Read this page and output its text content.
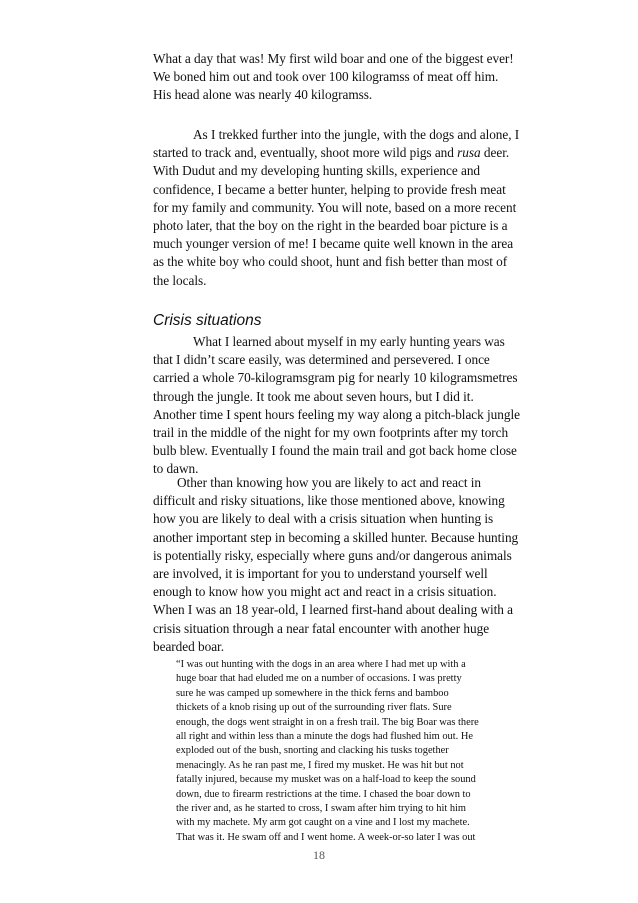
What a day that was! My first wild boar and one of the biggest ever!
We boned him out and took over 100 kilogramss of meat off him.
His head alone was nearly 40 kilogramss.
As I trekked further into the jungle, with the dogs and alone, I
started to track and, eventually, shoot more wild pigs and rusa deer.
With Dudut and my developing hunting skills, experience and
confidence, I became a better hunter, helping to provide fresh meat
for my family and community. You will note, based on a more recent
photo later, that the boy on the right in the bearded boar picture is a
much younger version of me! I became quite well known in the area
as the white boy who could shoot, hunt and fish better than most of
the locals.
Crisis situations
What I learned about myself in my early hunting years was
that I didn’t scare easily, was determined and persevered. I once
carried a whole 70-kilogramsgram pig for nearly 10 kilogramsmetres
through the jungle. It took me about seven hours, but I did it.
Another time I spent hours feeling my way along a pitch-black jungle
trail in the middle of the night for my own footprints after my torch
bulb blew. Eventually I found the main trail and got back home close
to dawn.
Other than knowing how you are likely to act and react in
difficult and risky situations, like those mentioned above, knowing
how you are likely to deal with a crisis situation when hunting is
another important step in becoming a skilled hunter. Because hunting
is potentially risky, especially where guns and/or dangerous animals
are involved, it is important for you to understand yourself well
enough to know how you might act and react in a crisis situation.
When I was an 18 year-old, I learned first-hand about dealing with a
crisis situation through a near fatal encounter with another huge
bearded boar.
“I was out hunting with the dogs in an area where I had met up with a
huge boar that had eluded me on a number of occasions. I was pretty
sure he was camped up somewhere in the thick ferns and bamboo
thickets of a knob rising up out of the surrounding river flats. Sure
enough, the dogs went straight in on a fresh trail. The big Boar was there
all right and within less than a minute the dogs had flushed him out. He
exploded out of the bush, snorting and clacking his tusks together
menacingly. As he ran past me, I fired my musket. He was hit but not
fatally injured, because my musket was on a half-load to keep the sound
down, due to firearm restrictions at the time. I chased the boar down to
the river and, as he started to cross, I swam after him trying to hit him
with my machete. My arm got caught on a vine and I lost my machete.
That was it. He swam off and I went home. A week-or-so later I was out
18
